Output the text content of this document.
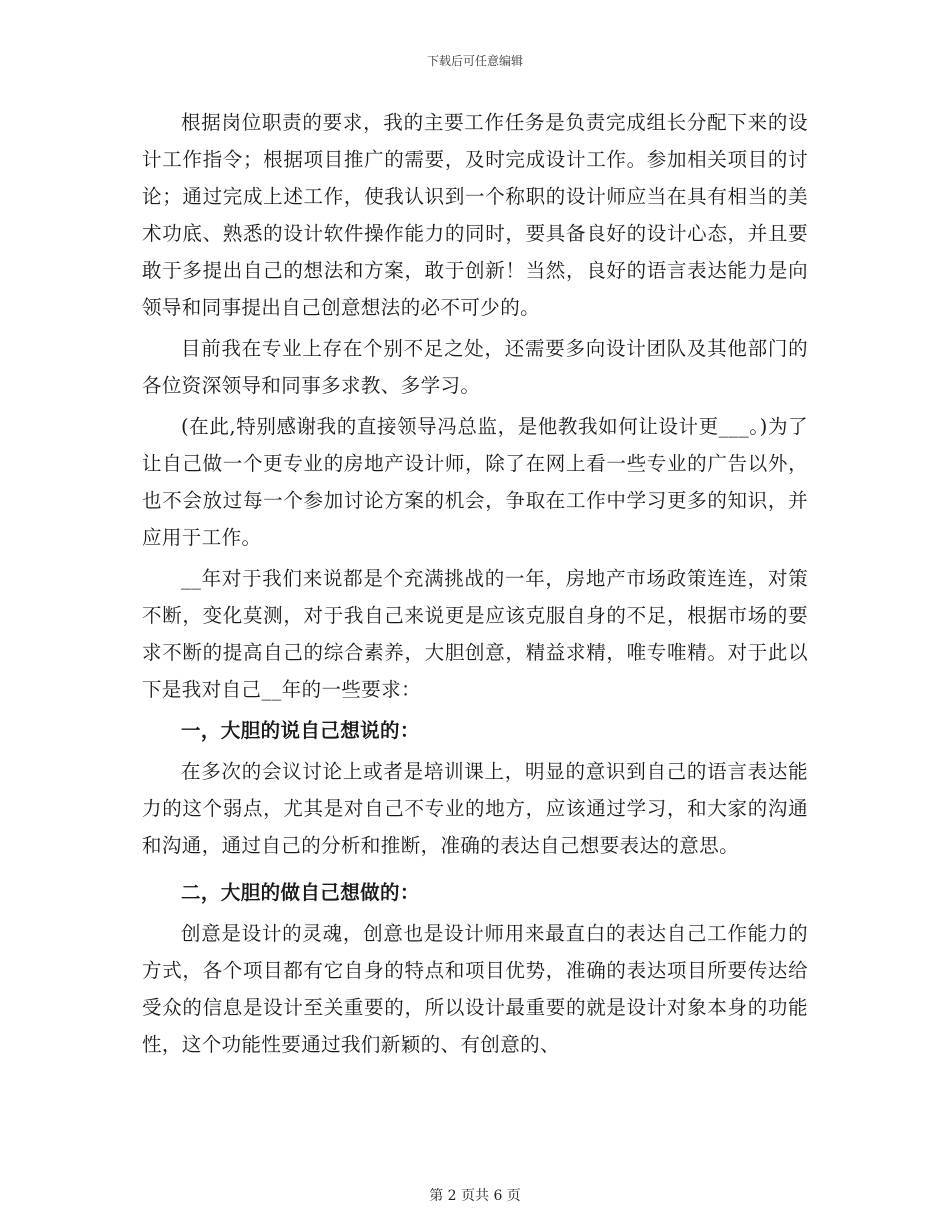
下载后可任意编辑

根据岗位职责的要求，我的主要工作任务是负责完成组长分配下来的设计工作指令；根据项目推广的需要，及时完成设计工作。参加相关项目的讨论；通过完成上述工作，使我认识到一个称职的设计师应当在具有相当的美术功底、熟悉的设计软件操作能力的同时，要具备良好的设计心态，并且要敢于多提出自己的想法和方案，敢于创新！当然，良好的语言表达能力是向领导和同事提出自己创意想法的必不可少的。

目前我在专业上存在个别不足之处，还需要多向设计团队及其他部门的各位资深领导和同事多求教、多学习。

(在此,特别感谢我的直接领导冯总监，是他教我如何让设计更___。)为了让自己做一个更专业的房地产设计师，除了在网上看一些专业的广告以外，也不会放过每一个参加讨论方案的机会，争取在工作中学习更多的知识，并应用于工作。

__年对于我们来说都是个充满挑战的一年，房地产市场政策连连，对策不断，变化莫测，对于我自己来说更是应该克服自身的不足，根据市场的要求不断的提高自己的综合素养，大胆创意，精益求精，唯专唯精。对于此以下是我对自己__年的一些要求：

一，大胆的说自己想说的：

在多次的会议讨论上或者是培训课上，明显的意识到自己的语言表达能力的这个弱点，尤其是对自己不专业的地方，应该通过学习，和大家的沟通和沟通，通过自己的分析和推断，准确的表达自己想要表达的意思。

二，大胆的做自己想做的：

创意是设计的灵魂，创意也是设计师用来最直白的表达自己工作能力的方式，各个项目都有它自身的特点和项目优势，准确的表达项目所要传达给受众的信息是设计至关重要的，所以设计最重要的就是设计对象本身的功能性，这个功能性要通过我们新颖的、有创意的、

第 2 页共 6 页
